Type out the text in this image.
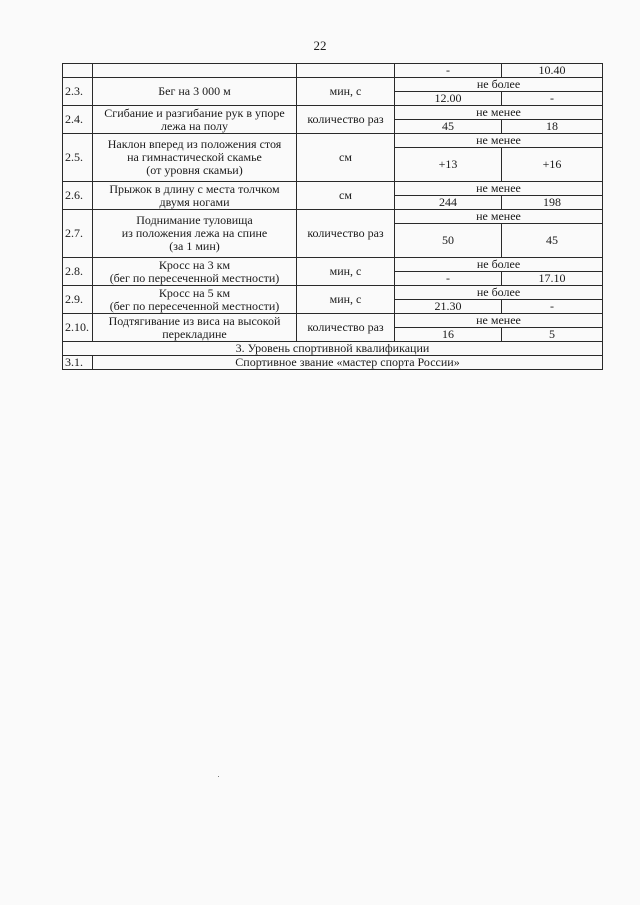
22
			-	10.40
2.3.	Бег на 3 000 м	мин, с	не более	
			12.00	-
2.4.	Сгибание и разгибание рук в упоре
лежа на полу	количество раз	не менее	
			45	18
2.5.	Наклон вперед из положения стоя
на гимнастической скамье
(от уровня скамьи)	см	не менее	
			+13	+16
2.6.	Прыжок в длину с места толчком
двумя ногами	см	не менее	
			244	198
2.7.	Поднимание туловища
из положения лежа на спине
(за 1 мин)	количество раз	не менее	
			50	45
2.8.	Кросс на 3 км
(бег по пересеченной местности)	мин, с	не более	
			-	17.10
2.9.	Кросс на 5 км
(бег по пересеченной местности)	мин, с	не более	
			21.30	-
2.10.	Подтягивание из виса на высокой
перекладине	количество раз	не менее	
			16	5
3. Уровень спортивной квалификации				
3.1.	Спортивное звание «мастер спорта России»			
